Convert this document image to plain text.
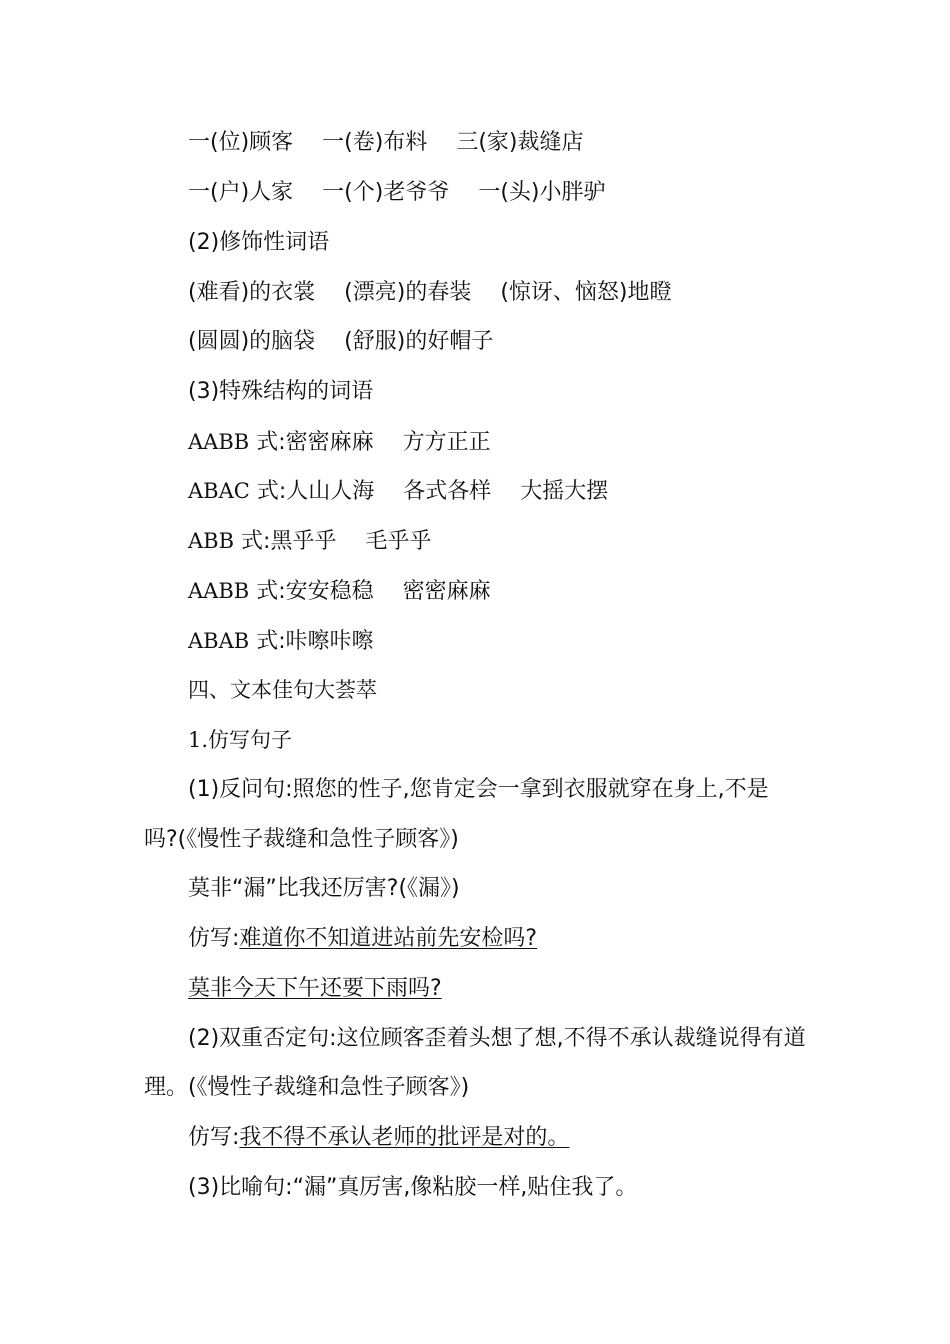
一(位)顾客 一(卷)布料 三(家)裁缝店
一(户)人家 一(个)老爷爷 一(头)小胖驴
(2)修饰性词语
(难看)的衣裳 (漂亮)的春装 (惊讶、恼怒)地瞪
(圆圆)的脑袋 (舒服)的好帽子
(3)特殊结构的词语
AABB 式:密密麻麻 方方正正
ABAC 式:人山人海 各式各样 大摇大摆
ABB 式:黑乎乎 毛乎乎
AABB 式:安安稳稳 密密麻麻
ABAB 式:咔嚓咔嚓
四、文本佳句大荟萃
1.仿写句子
(1)反问句:照您的性子,您肯定会一拿到衣服就穿在身上,不是
吗?(《慢性子裁缝和急性子顾客》)
莫非“漏”比我还厉害?(《漏》)
仿写:难道你不知道进站前先安检吗?
莫非今天下午还要下雨吗?
(2)双重否定句:这位顾客歪着头想了想,不得不承认裁缝说得有道
理。(《慢性子裁缝和急性子顾客》)
仿写:我不得不承认老师的批评是对的。
(3)比喻句:“漏”真厉害,像粘胶一样,贴住我了。
